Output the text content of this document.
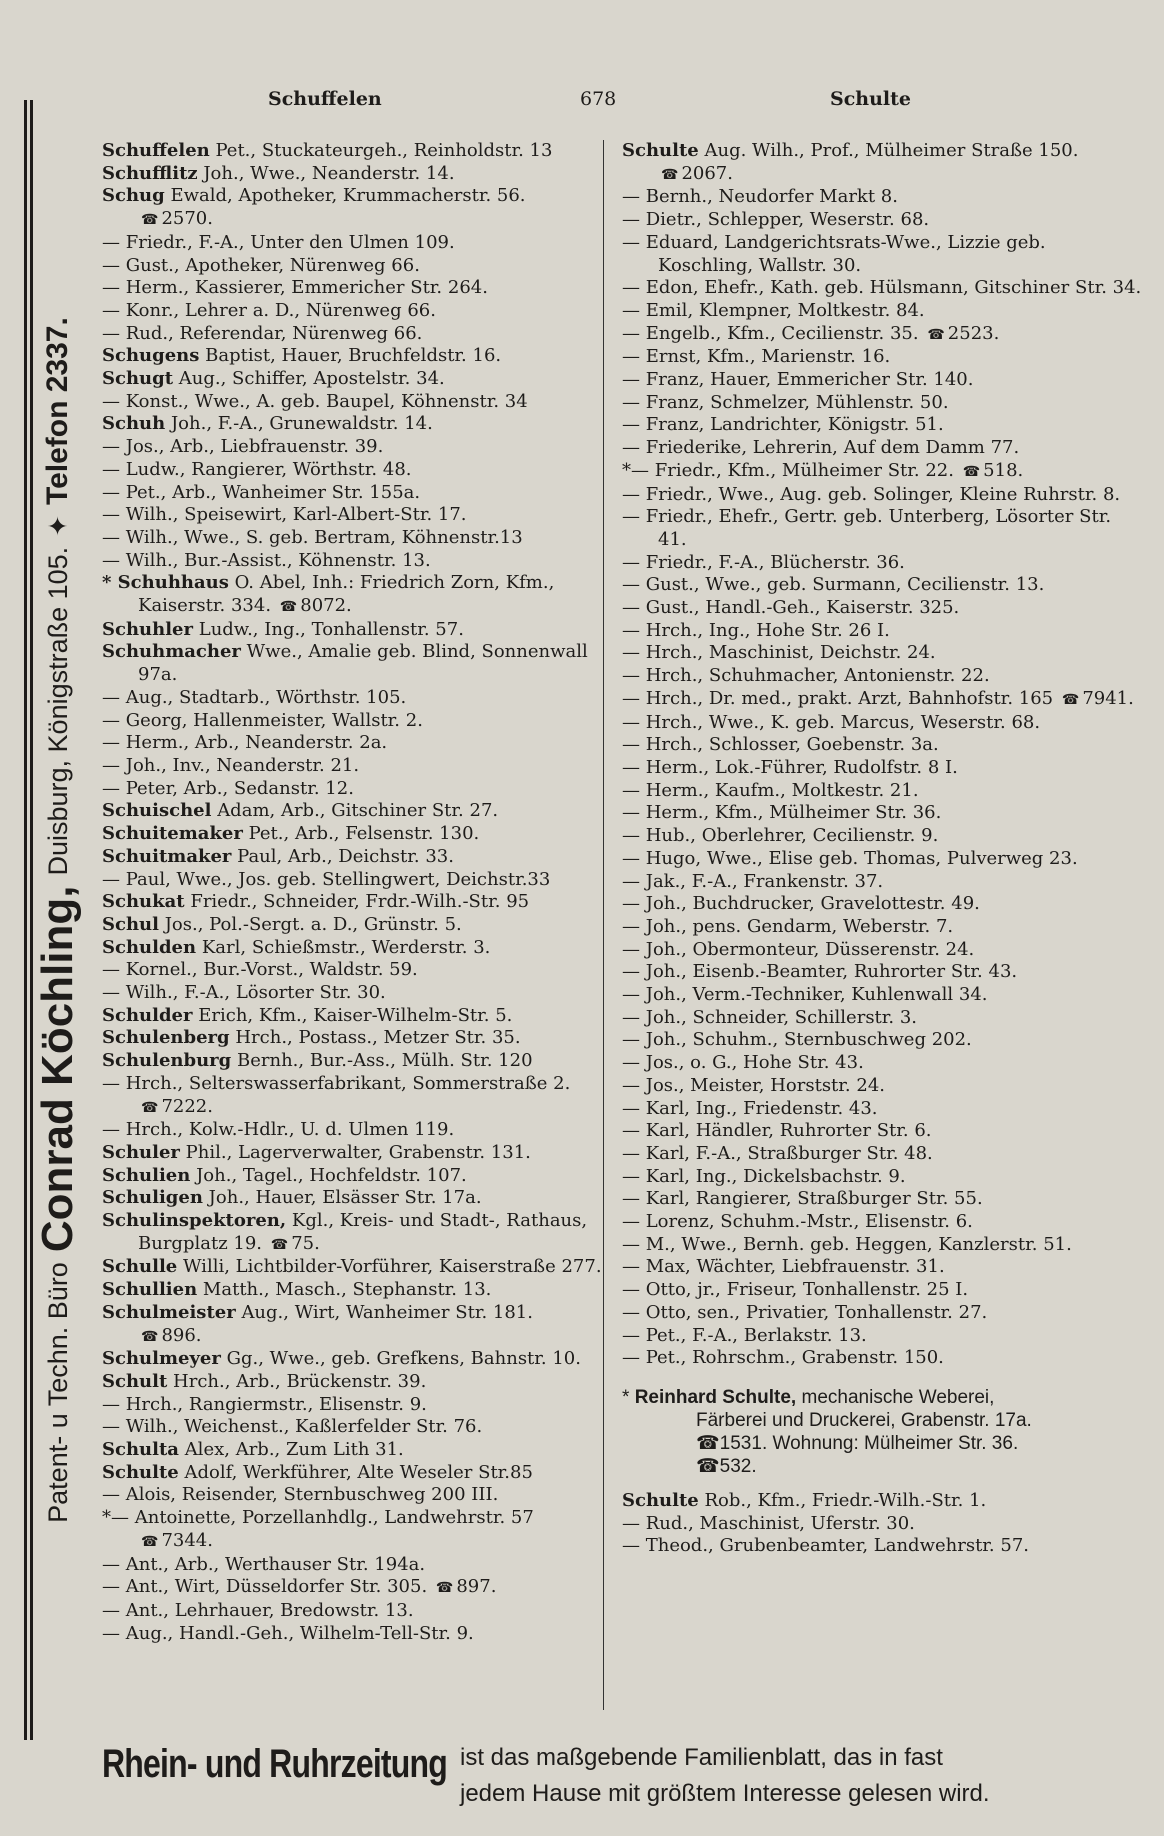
Patent- u Techn. Büro
Conrad Köchling,
Duisburg, Königstraße 105.
✦
Telefon 2337.
Schuffelen	678	Schulte
Schuffelen Pet., Stuckateurgeh., Reinholdstr. 13
Schufflitz Joh., Wwe., Neanderstr. 14.
Schug Ewald, Apotheker, Krummacherstr. 56. ☎ 2570.
— Friedr., F.-A., Unter den Ulmen 109.
— Gust., Apotheker, Nürenweg 66.
— Herm., Kassierer, Emmericher Str. 264.
— Konr., Lehrer a. D., Nürenweg 66.
— Rud., Referendar, Nürenweg 66.
Schugens Baptist, Hauer, Bruchfeldstr. 16.
Schugt Aug., Schiffer, Apostelstr. 34.
— Konst., Wwe., A. geb. Baupel, Köhnenstr. 34
Schuh Joh., F.-A., Grunewaldstr. 14.
— Jos., Arb., Liebfrauenstr. 39.
— Ludw., Rangierer, Wörthstr. 48.
— Pet., Arb., Wanheimer Str. 155a.
— Wilh., Speisewirt, Karl-Albert-Str. 17.
— Wilh., Wwe., S. geb. Bertram, Köhnenstr.13
— Wilh., Bur.-Assist., Köhnenstr. 13.
* Schuhhaus O. Abel, Inh.: Friedrich Zorn, Kfm., Kaiserstr. 334. ☎ 8072.
Schuhler Ludw., Ing., Tonhallenstr. 57.
Schuhmacher Wwe., Amalie geb. Blind, Sonnenwall 97a.
— Aug., Stadtarb., Wörthstr. 105.
— Georg, Hallenmeister, Wallstr. 2.
— Herm., Arb., Neanderstr. 2a.
— Joh., Inv., Neanderstr. 21.
— Peter, Arb., Sedanstr. 12.
Schuischel Adam, Arb., Gitschiner Str. 27.
Schuitemaker Pet., Arb., Felsenstr. 130.
Schuitmaker Paul, Arb., Deichstr. 33.
— Paul, Wwe., Jos. geb. Stellingwert, Deichstr.33
Schukat Friedr., Schneider, Frdr.-Wilh.-Str. 95
Schul Jos., Pol.-Sergt. a. D., Grünstr. 5.
Schulden Karl, Schießmstr., Werderstr. 3.
— Kornel., Bur.-Vorst., Waldstr. 59.
— Wilh., F.-A., Lösorter Str. 30.
Schulder Erich, Kfm., Kaiser-Wilhelm-Str. 5.
Schulenberg Hrch., Postass., Metzer Str. 35.
Schulenburg Bernh., Bur.-Ass., Mülh. Str. 120
— Hrch., Selterswasserfabrikant, Sommerstraße 2. ☎ 7222.
— Hrch., Kolw.-Hdlr., U. d. Ulmen 119.
Schuler Phil., Lagerverwalter, Grabenstr. 131.
Schulien Joh., Tagel., Hochfeldstr. 107.
Schuligen Joh., Hauer, Elsässer Str. 17a.
Schulinspektoren, Kgl., Kreis- und Stadt-, Rathaus, Burgplatz 19. ☎ 75.
Schulle Willi, Lichtbilder-Vorführer, Kaiserstraße 277.
Schullien Matth., Masch., Stephanstr. 13.
Schulmeister Aug., Wirt, Wanheimer Str. 181. ☎ 896.
Schulmeyer Gg., Wwe., geb. Grefkens, Bahnstr. 10.
Schult Hrch., Arb., Brückenstr. 39.
— Hrch., Rangiermstr., Elisenstr. 9.
— Wilh., Weichenst., Kaßlerfelder Str. 76.
Schulta Alex, Arb., Zum Lith 31.
Schulte Adolf, Werkführer, Alte Weseler Str.85
— Alois, Reisender, Sternbuschweg 200 III.
*— Antoinette, Porzellanhdlg., Landwehrstr. 57 ☎ 7344.
— Ant., Arb., Werthauser Str. 194a.
— Ant., Wirt, Düsseldorfer Str. 305. ☎ 897.
— Ant., Lehrhauer, Bredowstr. 13.
— Aug., Handl.-Geh., Wilhelm-Tell-Str. 9.
Schulte Aug. Wilh., Prof., Mülheimer Straße 150. ☎ 2067.
— Bernh., Neudorfer Markt 8.
— Dietr., Schlepper, Weserstr. 68.
— Eduard, Landgerichtsrats-Wwe., Lizzie geb. Koschling, Wallstr. 30.
— Edon, Ehefr., Kath. geb. Hülsmann, Gitschiner Str. 34.
— Emil, Klempner, Moltkestr. 84.
— Engelb., Kfm., Cecilienstr. 35. ☎ 2523.
— Ernst, Kfm., Marienstr. 16.
— Franz, Hauer, Emmericher Str. 140.
— Franz, Schmelzer, Mühlenstr. 50.
— Franz, Landrichter, Königstr. 51.
— Friederike, Lehrerin, Auf dem Damm 77.
*— Friedr., Kfm., Mülheimer Str. 22. ☎ 518.
— Friedr., Wwe., Aug. geb. Solinger, Kleine Ruhrstr. 8.
— Friedr., Ehefr., Gertr. geb. Unterberg, Lösorter Str. 41.
— Friedr., F.-A., Blücherstr. 36.
— Gust., Wwe., geb. Surmann, Cecilienstr. 13.
— Gust., Handl.-Geh., Kaiserstr. 325.
— Hrch., Ing., Hohe Str. 26 I.
— Hrch., Maschinist, Deichstr. 24.
— Hrch., Schuhmacher, Antonienstr. 22.
— Hrch., Dr. med., prakt. Arzt, Bahnhofstr. 165 ☎ 7941.
— Hrch., Wwe., K. geb. Marcus, Weserstr. 68.
— Hrch., Schlosser, Goebenstr. 3a.
— Herm., Lok.-Führer, Rudolfstr. 8 I.
— Herm., Kaufm., Moltkestr. 21.
— Herm., Kfm., Mülheimer Str. 36.
— Hub., Oberlehrer, Cecilienstr. 9.
— Hugo, Wwe., Elise geb. Thomas, Pulverweg 23.
— Jak., F.-A., Frankenstr. 37.
— Joh., Buchdrucker, Gravelottestr. 49.
— Joh., pens. Gendarm, Weberstr. 7.
— Joh., Obermonteur, Düsserenstr. 24.
— Joh., Eisenb.-Beamter, Ruhrorter Str. 43.
— Joh., Verm.-Techniker, Kuhlenwall 34.
— Joh., Schneider, Schillerstr. 3.
— Joh., Schuhm., Sternbuschweg 202.
— Jos., o. G., Hohe Str. 43.
— Jos., Meister, Horststr. 24.
— Karl, Ing., Friedenstr. 43.
— Karl, Händler, Ruhrorter Str. 6.
— Karl, F.-A., Straßburger Str. 48.
— Karl, Ing., Dickelsbachstr. 9.
— Karl, Rangierer, Straßburger Str. 55.
— Lorenz, Schuhm.-Mstr., Elisenstr. 6.
— M., Wwe., Bernh. geb. Heggen, Kanzlerstr. 51.
— Max, Wächter, Liebfrauenstr. 31.
— Otto, jr., Friseur, Tonhallenstr. 25 I.
— Otto, sen., Privatier, Tonhallenstr. 27.
— Pet., F.-A., Berlakstr. 13.
— Pet., Rohrschm., Grabenstr. 150.
* Reinhard Schulte, mechanische Weberei,
Färberei und Druckerei, Grabenstr. 17a.
☎1531. Wohnung: Mülheimer Str. 36.
☎532.
Schulte Rob., Kfm., Friedr.-Wilh.-Str. 1.
— Rud., Maschinist, Uferstr. 30.
— Theod., Grubenbeamter, Landwehrstr. 57.
Rhein- und Ruhrzeitung ist das maßgebende Familienblatt, das in fast
jedem Hause mit größtem Interesse gelesen wird.
